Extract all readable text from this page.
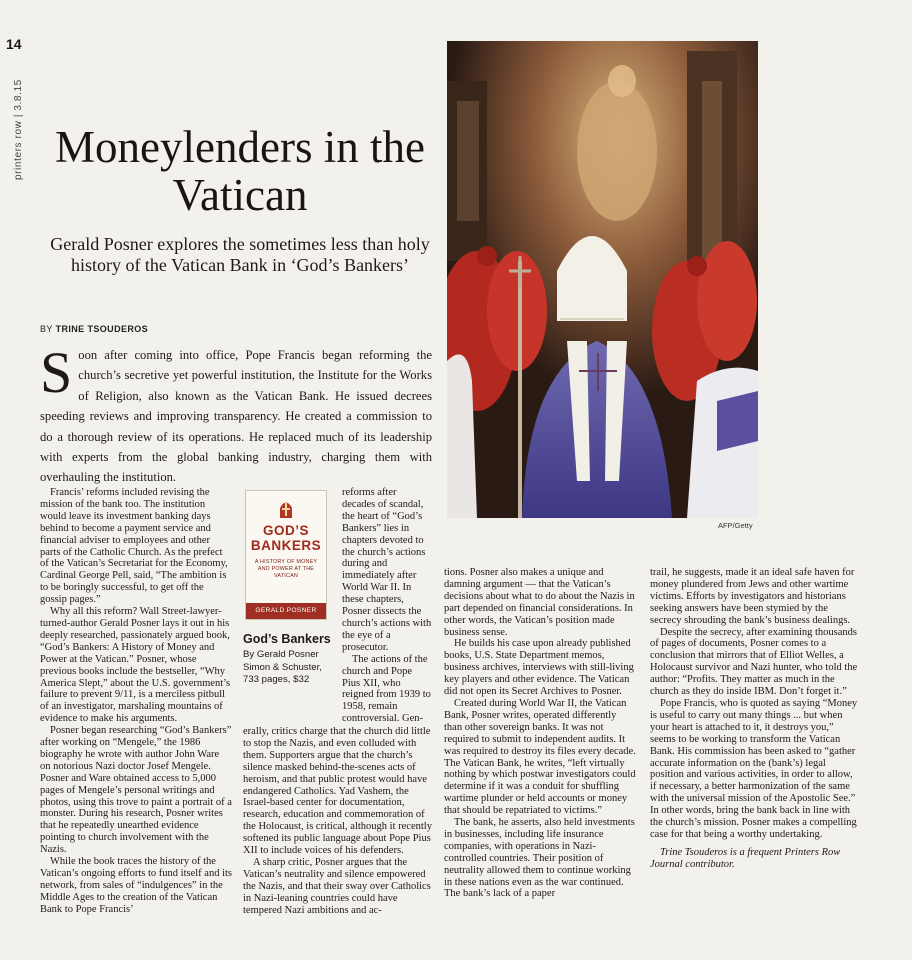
14
printers row | 3.8.15 Moneylenders in the Vatican

Gerald Posner explores the sometimes less than holy history of the Vatican Bank in ‘God’s Bankers’

BY TRINE TSOUDEROS

Soon after coming into office, Pope Francis began reforming the church’s secretive yet powerful institution, the Institute for the Works of Religion, also known as the Vatican Bank. He issued decrees speeding reviews and improving transparency. He created a commission to do a thorough review of its operations. He replaced much of its leadership with experts from the global banking industry, charging them with overhauling the institution.

Francis’ reforms included revising the mission of the bank too. The institution would leave its investment banking days behind to become a payment service and financial adviser to employees and other parts of the Catholic Church. As the prefect of the Vatican’s Secretariat for the Economy, Cardinal George Pell, said, “The ambition is to be boringly successful, to get off the gossip pages.”

Why all this reform? Wall Street-lawyer-turned-author Gerald Posner lays it out in his deeply researched, passionately argued book, “God’s Bankers: A History of Money and Power at the Vatican.” Posner, whose previous books include the bestseller, “Why America Slept,” about the U.S. government’s failure to prevent 9/11, is a merciless pitbull of an investigator, marshaling mountains of evidence to make his arguments.

Posner began researching “God’s Bankers” after working on “Mengele,” the 1986 biography he wrote with author John Ware on notorious Nazi doctor Josef Mengele. Posner and Ware obtained access to 5,000 pages of Mengele’s personal writings and photos, using this trove to paint a portrait of a monster. During his research, Posner writes that he repeatedly unearthed evidence pointing to church involvement with the Nazis.

While the book traces the history of the Vatican’s ongoing efforts to fund itself and its network, from sales of “indulgences” in the Middle Ages to the creation of the Vatican Bank to Pope Francis’

GOD’S BANKERS
A HISTORY OF MONEY AND POWER AT THE VATICAN
GERALD POSNER
God’s Bankers
By Gerald Posner
Simon & Schuster,
733 pages, $32

reforms after decades of scandal, the heart of “God’s Bankers” lies in chapters devoted to the church’s actions during and immediately after World War II. In these chapters, Posner dissects the church’s actions with the eye of a prosecutor.

The actions of the church and Pope Pius XII, who reigned from 1939 to 1958, remain controversial. Gen-

erally, critics charge that the church did little to stop the Nazis, and even colluded with them. Supporters argue that the church’s silence masked behind-the-scenes acts of heroism, and that public protest would have endangered Catholics. Yad Vashem, the Israel-based center for documentation, research, education and commemoration of the Holocaust, is critical, although it recently softened its public language about Pope Pius XII to include voices of his defenders.

A sharp critic, Posner argues that the Vatican’s neutrality and silence empowered the Nazis, and that their sway over Catholics in Nazi-leaning countries could have tempered Nazi ambitions and ac-

tions. Posner also makes a unique and damning argument — that the Vatican’s decisions about what to do about the Nazis in part depended on financial considerations. In other words, the Vatican’s position made business sense.

He builds his case upon already published books, U.S. State Department memos, business archives, interviews with still-living key players and other evidence. The Vatican did not open its Secret Archives to Posner.

Created during World War II, the Vatican Bank, Posner writes, operated differently than other sovereign banks. It was not required to submit to independent audits. It was required to destroy its files every decade. The Vatican Bank, he writes, “left virtually nothing by which postwar investigators could determine if it was a conduit for shuffling wartime plunder or held accounts or money that should be repatriated to victims.”

The bank, he asserts, also held investments in businesses, including life insurance companies, with operations in Nazi-controlled countries. Their position of neutrality allowed them to continue working in these nations even as the war continued. The bank’s lack of a paper

trail, he suggests, made it an ideal safe haven for money plundered from Jews and other wartime victims. Efforts by investigators and historians seeking answers have been stymied by the secrecy shrouding the bank’s business dealings.

Despite the secrecy, after examining thousands of pages of documents, Posner comes to a conclusion that mirrors that of Elliot Welles, a Holocaust survivor and Nazi hunter, who told the author: “Profits. They matter as much in the church as they do inside IBM. Don’t forget it.”

Pope Francis, who is quoted as saying “Money is useful to carry out many things ... but when your heart is attached to it, it destroys you,” seems to be working to transform the Vatican Bank. His commission has been asked to “gather accurate information on the (bank’s) legal position and various activities, in order to allow, if necessary, a better harmonization of the same with the universal mission of the Apostolic See.” In other words, bring the bank back in line with the church’s mission. Posner makes a compelling case for that being a worthy undertaking.

Trine Tsouderos is a frequent Printers Row Journal contributor.

AFP/Getty
